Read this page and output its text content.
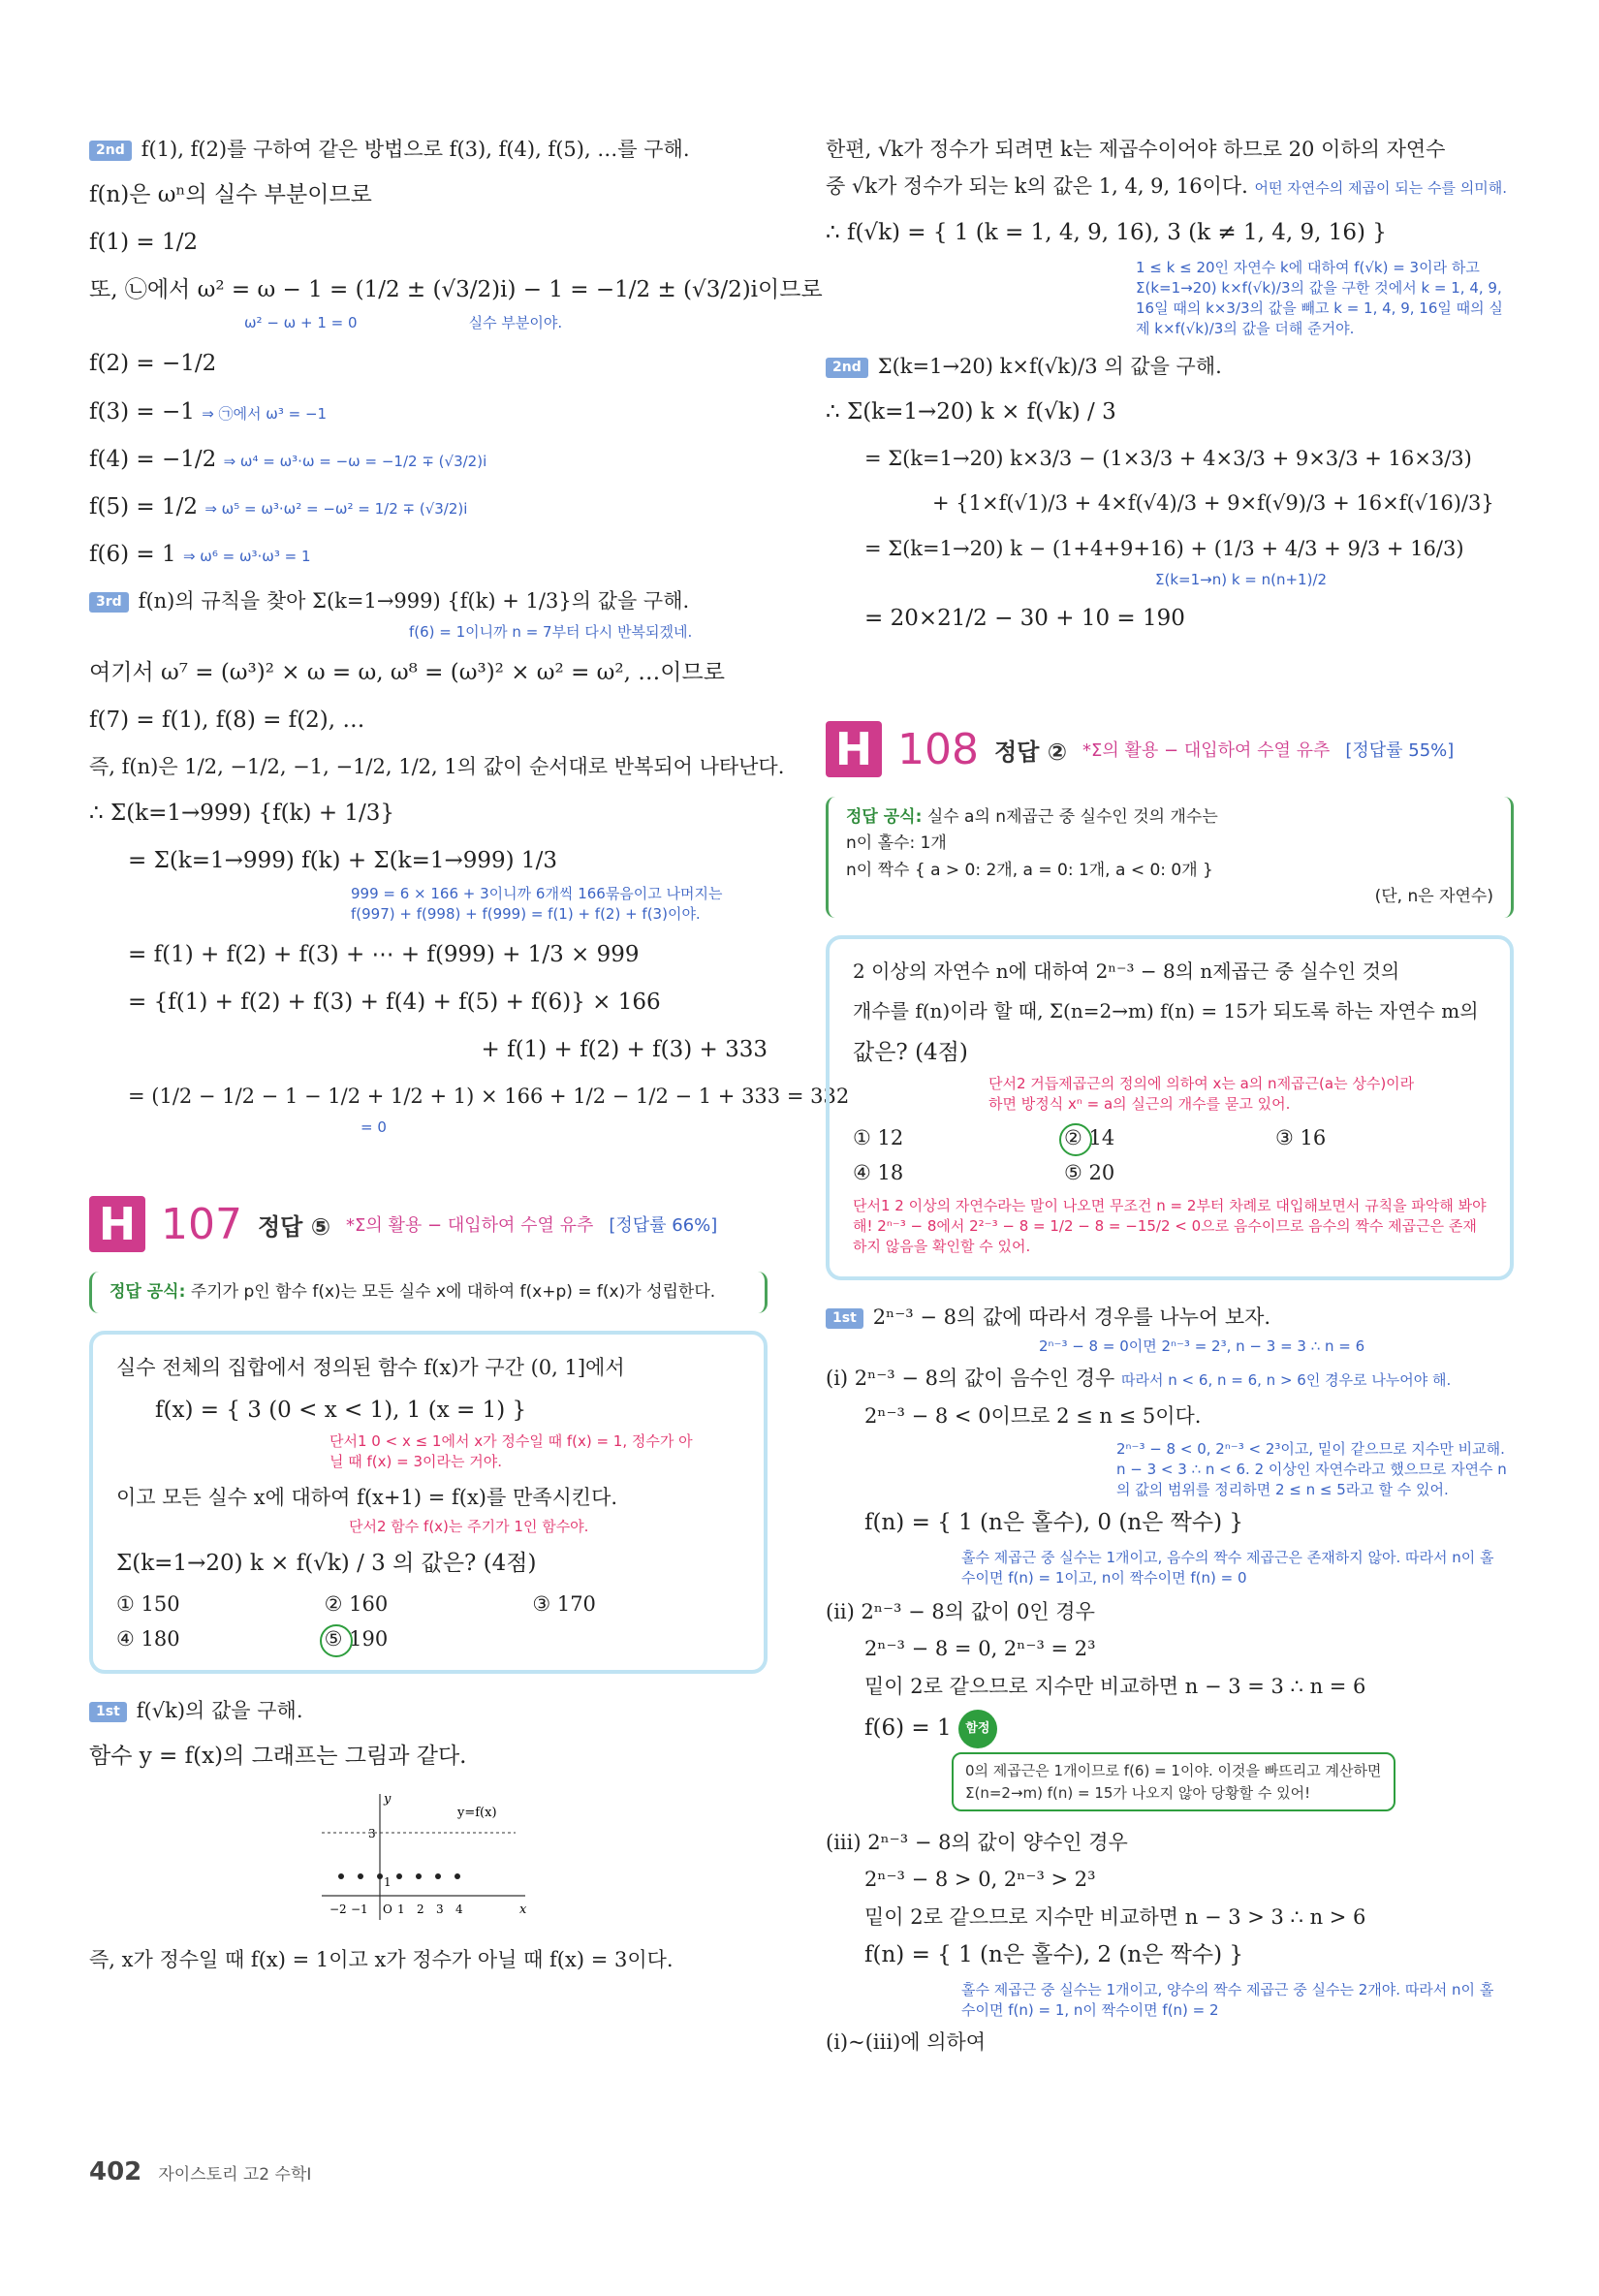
2nd f(1), f(2)를 구하여 같은 방법으로 f(3), f(4), f(5), …를 구해.
f(n)은 ωⁿ의 실수 부분이므로
f(1) = 1/2
또, ㉡에서 ω² = ω − 1 = (1/2 ± (√3/2)i) − 1 = −1/2 ± (√3/2)i이므로
ω² − ω + 1 = 0	실수 부분이야.
f(2) = −1/2
f(3) = −1 ⇒ ㉠에서 ω³ = −1
f(4) = −1/2 ⇒ ω⁴ = ω³·ω = −ω = −1/2 ∓ (√3/2)i
f(5) = 1/2 ⇒ ω⁵ = ω³·ω² = −ω² = 1/2 ∓ (√3/2)i
f(6) = 1 ⇒ ω⁶ = ω³·ω³ = 1
3rd f(n)의 규칙을 찾아 Σ(k=1→999) {f(k) + 1/3}의 값을 구해.
f(6) = 1이니까 n = 7부터 다시 반복되겠네.
여기서 ω⁷ = (ω³)² × ω = ω, ω⁸ = (ω³)² × ω² = ω², …이므로
f(7) = f(1), f(8) = f(2), …
즉, f(n)은 1/2, −1/2, −1, −1/2, 1/2, 1의 값이 순서대로 반복되어 나타난다.
∴ Σ(k=1→999) {f(k) + 1/3}
= Σ(k=1→999) f(k) + Σ(k=1→999) 1/3
999 = 6 × 166 + 3이니까 6개씩 166묶음이고 나머지는 f(997) + f(998) + f(999) = f(1) + f(2) + f(3)이야.
= f(1) + f(2) + f(3) + ⋯ + f(999) + 1/3 × 999
= {f(1) + f(2) + f(3) + f(4) + f(5) + f(6)} × 166
+ f(1) + f(2) + f(3) + 333
= (1/2 − 1/2 − 1 − 1/2 + 1/2 + 1) × 166 + 1/2 − 1/2 − 1 + 333 = 332
= 0
H 107 정답 ⑤ *Σ의 활용 − 대입하여 수열 유추 [정답률 66%]
정답 공식: 주기가 p인 함수 f(x)는 모든 실수 x에 대하여 f(x+p) = f(x)가 성립한다.
실수 전체의 집합에서 정의된 함수 f(x)가 구간 (0, 1]에서
f(x) = { 3 (0 < x < 1), 1 (x = 1) }
단서1 0 < x ≤ 1에서 x가 정수일 때 f(x) = 1, 정수가 아닐 때 f(x) = 3이라는 거야.
이고 모든 실수 x에 대하여 f(x+1) = f(x)를 만족시킨다.
단서2 함수 f(x)는 주기가 1인 함수야.
Σ(k=1→20) k × f(√k) / 3 의 값은? (4점)
① 150	② 160	③ 170
④ 180	⑤ 190
1st f(√k)의 값을 구해.
함수 y = f(x)의 그래프는 그림과 같다.
y
x
y=f(x)
3
1
−2 −1 O 1 2 3 4
즉, x가 정수일 때 f(x) = 1이고 x가 정수가 아닐 때 f(x) = 3이다.
한편, √k가 정수가 되려면 k는 제곱수이어야 하므로 20 이하의 자연수
중 √k가 정수가 되는 k의 값은 1, 4, 9, 16이다. 어떤 자연수의 제곱이 되는 수를 의미해.
∴ f(√k) = { 1 (k = 1, 4, 9, 16), 3 (k ≠ 1, 4, 9, 16) }
1 ≤ k ≤ 20인 자연수 k에 대하여 f(√k) = 3이라 하고 Σ(k=1→20) k×f(√k)/3의 값을 구한 것에서 k = 1, 4, 9, 16일 때의 k×3/3의 값을 빼고 k = 1, 4, 9, 16일 때의 실제 k×f(√k)/3의 값을 더해 준거야.
2nd Σ(k=1→20) k×f(√k)/3 의 값을 구해.
∴ Σ(k=1→20) k × f(√k) / 3
= Σ(k=1→20) k×3/3 − (1×3/3 + 4×3/3 + 9×3/3 + 16×3/3)
+ {1×f(√1)/3 + 4×f(√4)/3 + 9×f(√9)/3 + 16×f(√16)/3}
= Σ(k=1→20) k − (1+4+9+16) + (1/3 + 4/3 + 9/3 + 16/3)
Σ(k=1→n) k = n(n+1)/2
= 20×21/2 − 30 + 10 = 190
H 108 정답 ② *Σ의 활용 − 대입하여 수열 유추 [정답률 55%]
정답 공식: 실수 a의 n제곱근 중 실수인 것의 개수는
n이 홀수: 1개
n이 짝수 { a > 0: 2개, a = 0: 1개, a < 0: 0개 }
(단, n은 자연수)
2 이상의 자연수 n에 대하여 2ⁿ⁻³ − 8의 n제곱근 중 실수인 것의
개수를 f(n)이라 할 때, Σ(n=2→m) f(n) = 15가 되도록 하는 자연수 m의
값은? (4점)
단서2 거듭제곱근의 정의에 의하여 x는 a의 n제곱근(a는 상수)이라 하면 방정식 xⁿ = a의 실근의 개수를 묻고 있어.
① 12	② 14	③ 16
④ 18	⑤ 20
단서1 2 이상의 자연수라는 말이 나오면 무조건 n = 2부터 차례로 대입해보면서 규칙을 파악해 봐야 해! 2ⁿ⁻³ − 8에서 2²⁻³ − 8 = 1/2 − 8 = −15/2 < 0으로 음수이므로 음수의 짝수 제곱근은 존재하지 않음을 확인할 수 있어.
1st 2ⁿ⁻³ − 8의 값에 따라서 경우를 나누어 보자.
2ⁿ⁻³ − 8 = 0이면 2ⁿ⁻³ = 2³, n − 3 = 3 ∴ n = 6
(i) 2ⁿ⁻³ − 8의 값이 음수인 경우 따라서 n < 6, n = 6, n > 6인 경우로 나누어야 해.
2ⁿ⁻³ − 8 < 0이므로 2 ≤ n ≤ 5이다.
2ⁿ⁻³ − 8 < 0, 2ⁿ⁻³ < 2³이고, 밑이 같으므로 지수만 비교해. n − 3 < 3 ∴ n < 6. 2 이상인 자연수라고 했으므로 자연수 n의 값의 범위를 정리하면 2 ≤ n ≤ 5라고 할 수 있어.
f(n) = { 1 (n은 홀수), 0 (n은 짝수) }
홀수 제곱근 중 실수는 1개이고, 음수의 짝수 제곱근은 존재하지 않아. 따라서 n이 홀수이면 f(n) = 1이고, n이 짝수이면 f(n) = 0
(ii) 2ⁿ⁻³ − 8의 값이 0인 경우
2ⁿ⁻³ − 8 = 0, 2ⁿ⁻³ = 2³
밑이 2로 같으므로 지수만 비교하면 n − 3 = 3 ∴ n = 6
f(6) = 1 함정
0의 제곱근은 1개이므로 f(6) = 1이야. 이것을 빠뜨리고 계산하면 Σ(n=2→m) f(n) = 15가 나오지 않아 당황할 수 있어!
(iii) 2ⁿ⁻³ − 8의 값이 양수인 경우
2ⁿ⁻³ − 8 > 0, 2ⁿ⁻³ > 2³
밑이 2로 같으므로 지수만 비교하면 n − 3 > 3 ∴ n > 6
f(n) = { 1 (n은 홀수), 2 (n은 짝수) }
홀수 제곱근 중 실수는 1개이고, 양수의 짝수 제곱근 중 실수는 2개야. 따라서 n이 홀수이면 f(n) = 1, n이 짝수이면 f(n) = 2
(i)~(iii)에 의하여
402 자이스토리 고2 수학Ⅰ
